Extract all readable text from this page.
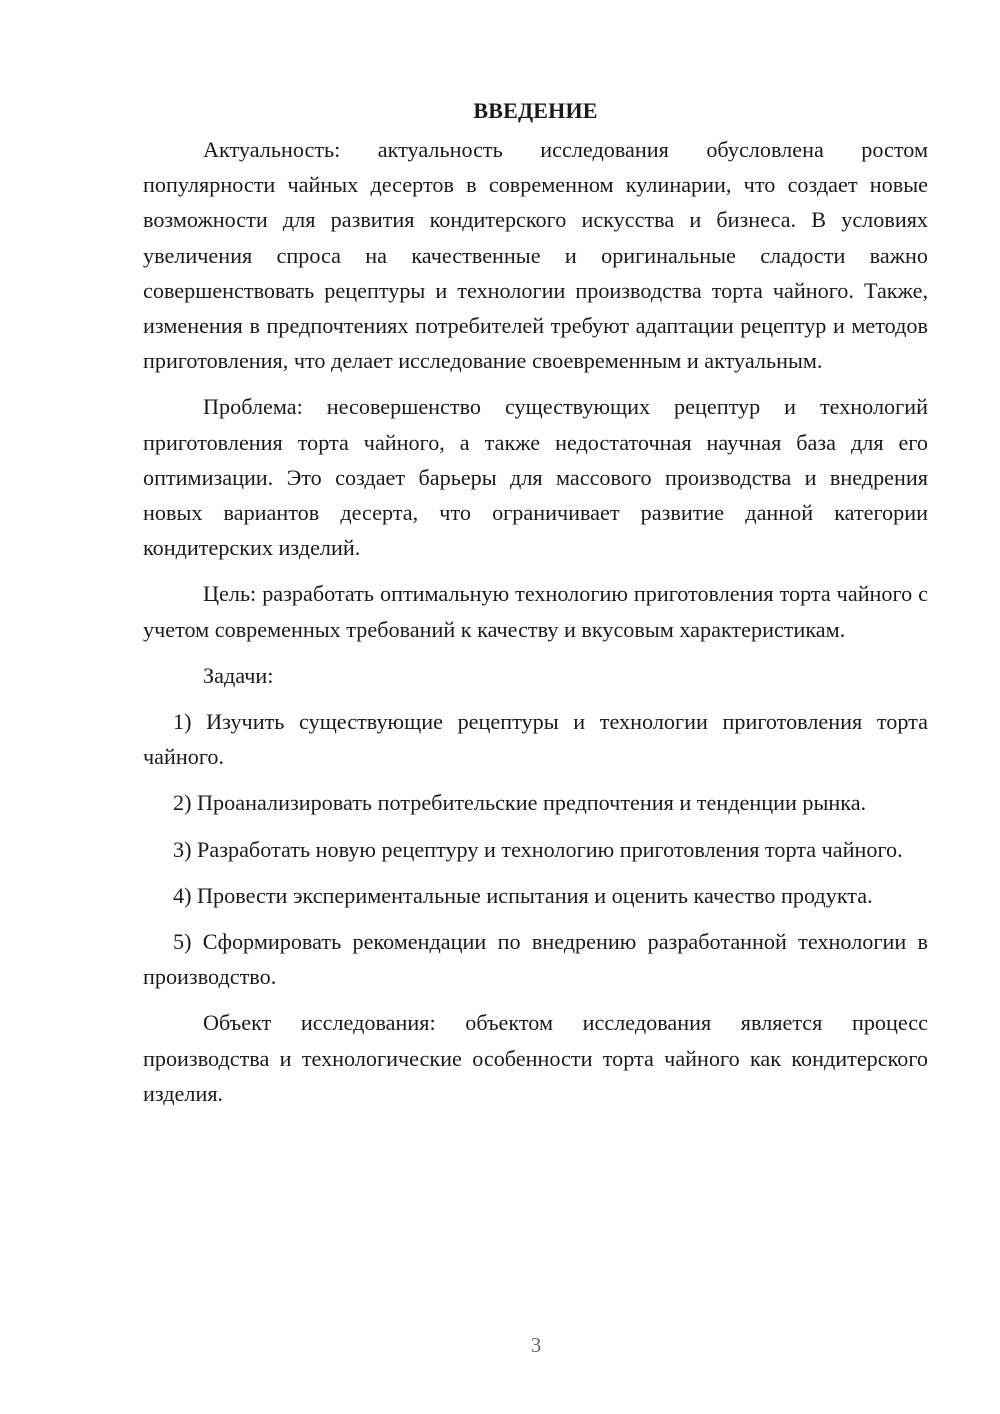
ВВЕДЕНИЕ

Актуальность: актуальность исследования обусловлена ростом популярности чайных десертов в современном кулинарии, что создает новые возможности для развития кондитерского искусства и бизнеса. В условиях увеличения спроса на качественные и оригинальные сладости важно совершенствовать рецептуры и технологии производства торта чайного. Также, изменения в предпочтениях потребителей требуют адаптации рецептур и методов приготовления, что делает исследование своевременным и актуальным.

Проблема: несовершенство существующих рецептур и технологий приготовления торта чайного, а также недостаточная научная база для его оптимизации. Это создает барьеры для массового производства и внедрения новых вариантов десерта, что ограничивает развитие данной категории кондитерских изделий.

Цель: разработать оптимальную технологию приготовления торта чайного с учетом современных требований к качеству и вкусовым характеристикам.

Задачи:

1) Изучить существующие рецептуры и технологии приготовления торта чайного.

2) Проанализировать потребительские предпочтения и тенденции рынка.

3) Разработать новую рецептуру и технологию приготовления торта чайного.

4) Провести экспериментальные испытания и оценить качество продукта.

5) Сформировать рекомендации по внедрению разработанной технологии в производство.

Объект исследования: объектом исследования является процесс производства и технологические особенности торта чайного как кондитерского изделия.

3
